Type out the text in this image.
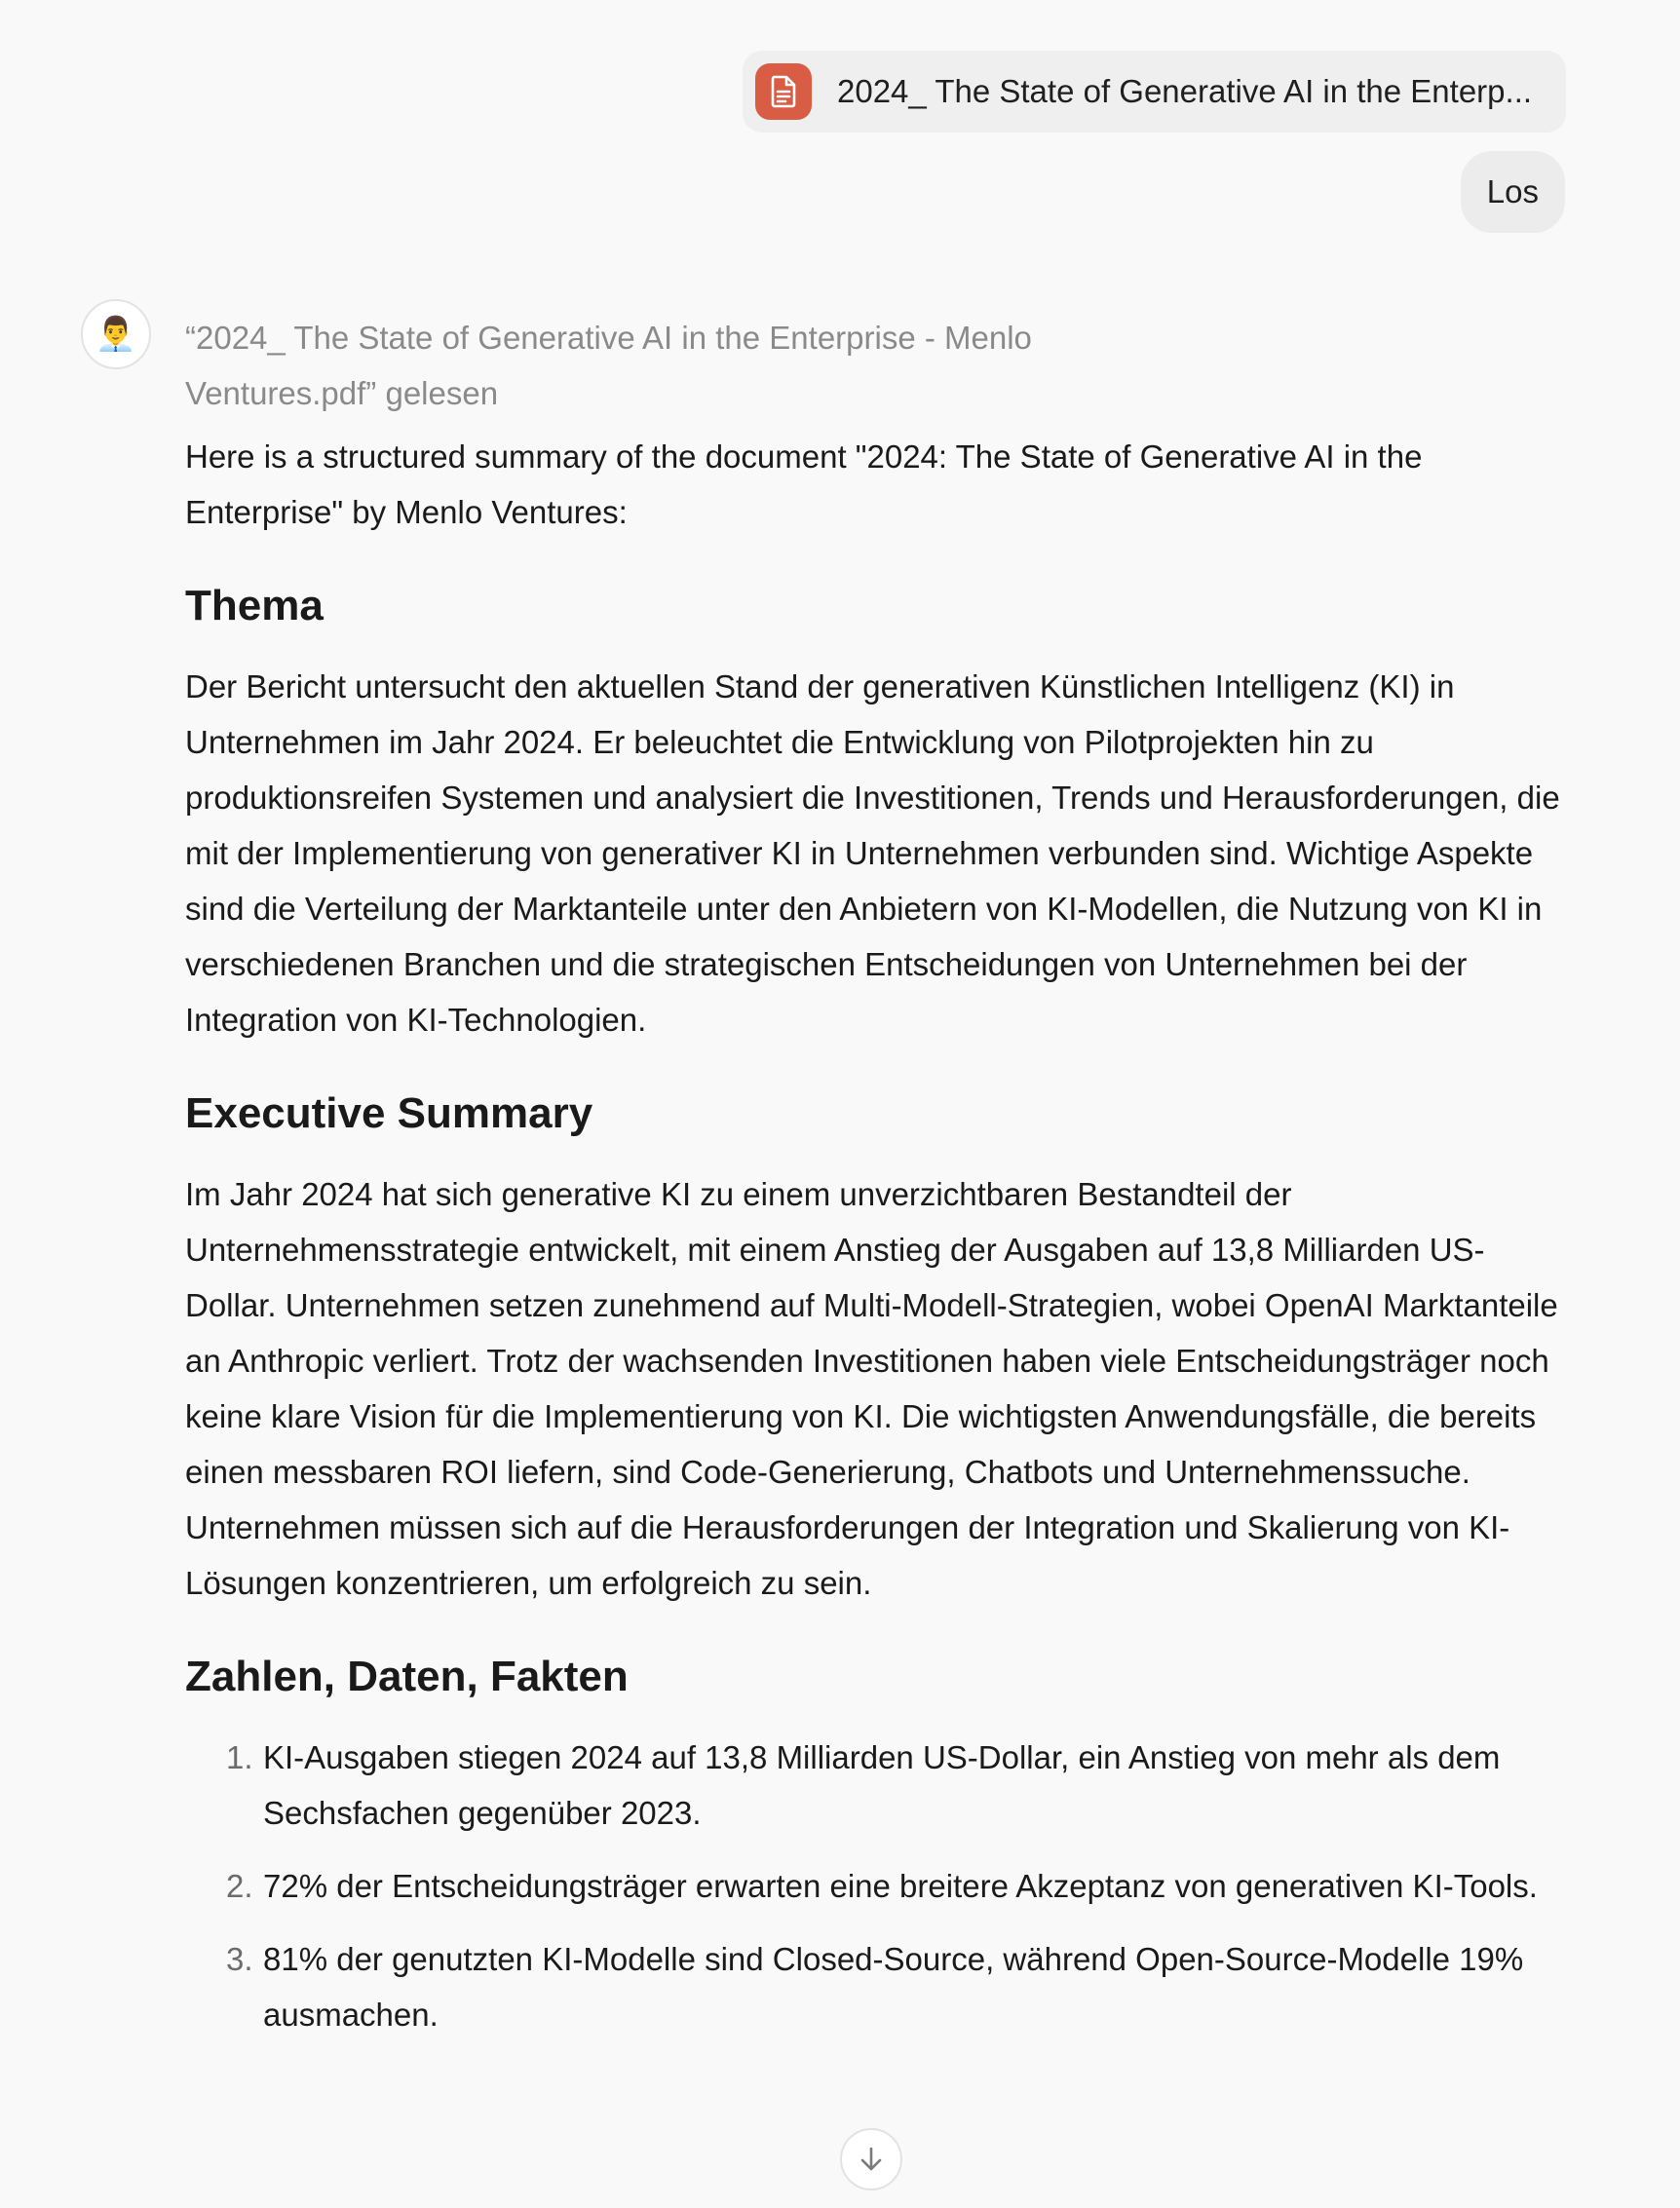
2024_ The State of Generative AI in the Enterp...
Los
👨‍💼	“2024_ The State of Generative AI in the Enterprise - Menlo Ventures.pdf” gelesen

Here is a structured summary of the document "2024: The State of Generative AI in the Enterprise" by Menlo Ventures:

Thema

Der Bericht untersucht den aktuellen Stand der generativen Künstlichen Intelligenz (KI) in Unternehmen im Jahr 2024. Er beleuchtet die Entwicklung von Pilotprojekten hin zu produktionsreifen Systemen und analysiert die Investitionen, Trends und Herausforderungen, die mit der Implementierung von generativer KI in Unternehmen verbunden sind. Wichtige Aspekte sind die Verteilung der Marktanteile unter den Anbietern von KI-Modellen, die Nutzung von KI in verschiedenen Branchen und die strategischen Entscheidungen von Unternehmen bei der Integration von KI-Technologien.

Executive Summary

Im Jahr 2024 hat sich generative KI zu einem unverzichtbaren Bestandteil der Unternehmensstrategie entwickelt, mit einem Anstieg der Ausgaben auf 13,8 Milliarden US-Dollar. Unternehmen setzen zunehmend auf Multi-Modell-Strategien, wobei OpenAI Marktanteile an Anthropic verliert. Trotz der wachsenden Investitionen haben viele Entscheidungsträger noch keine klare Vision für die Implementierung von KI. Die wichtigsten Anwendungsfälle, die bereits einen messbaren ROI liefern, sind Code-Generierung, Chatbots und Unternehmenssuche. Unternehmen müssen sich auf die Herausforderungen der Integration und Skalierung von KI-Lösungen konzentrieren, um erfolgreich zu sein.

Zahlen, Daten, Fakten
1. KI-Ausgaben stiegen 2024 auf 13,8 Milliarden US-Dollar, ein Anstieg von mehr als dem Sechsfachen gegenüber 2023.
2. 72% der Entscheidungsträger erwarten eine breitere Akzeptanz von generativen KI-Tools.
3. 81% der genutzten KI-Modelle sind Closed-Source, während Open-Source-Modelle 19% ausmachen.
